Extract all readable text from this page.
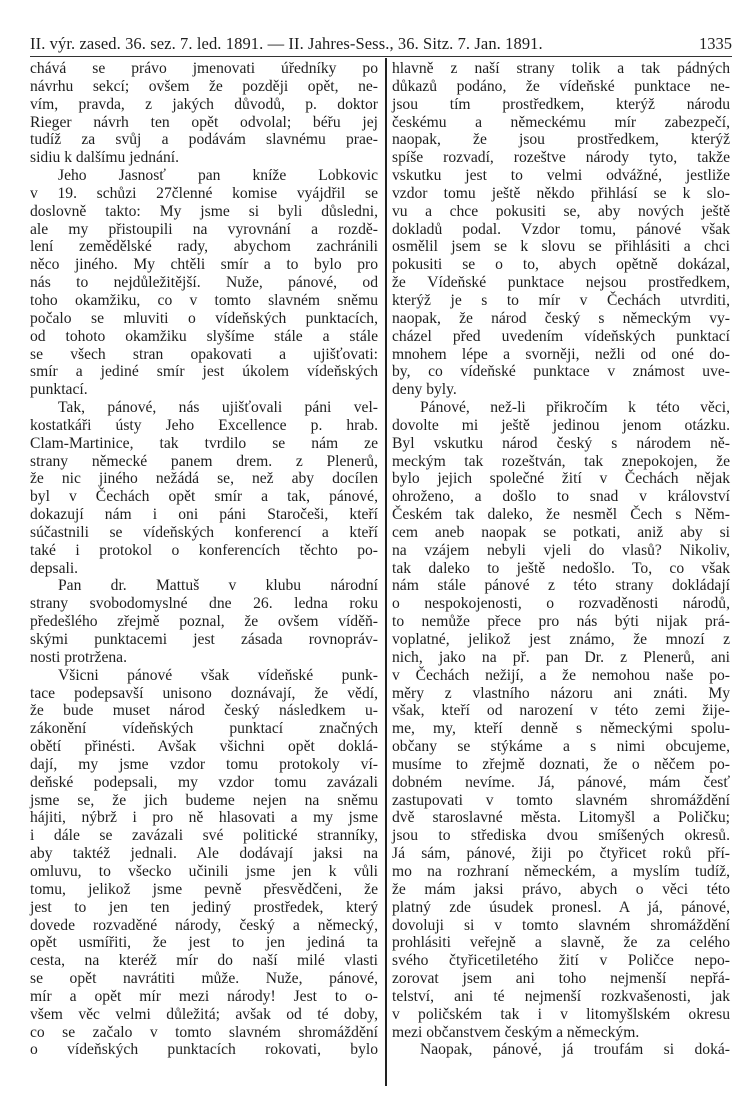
II. výr. zased. 36. sez. 7. led. 1891. — II. Jahres-Sess., 36. Sitz. 7. Jan. 1891.	1335
chává se právo jmenovati úředníky po
návrhu sekcí; ovšem že později opět, ne-
vím, pravda, z jakých důvodů, p. doktor
Rieger návrh ten opět odvolal; béřu jej
tudíž za svůj a podávám slavnému prae-
sidiu k dalšímu jednání.
Jeho Jasnosť pan kníže Lobkovic
v 19. schůzi 27členné komise vyájdřil se
doslovně takto: My jsme si byli důsledni,
ale my přistoupili na vyrovnání a rozdě-
lení zemědělské rady, abychom zachránili
něco jiného. My chtěli smír a to bylo pro
nás to nejdůležitější. Nuže, pánové, od
toho okamžiku, co v tomto slavném sněmu
počalo se mluviti o vídeňských punktacích,
od tohoto okamžiku slyšíme stále a stále
se všech stran opakovati a ujišťovati:
smír a jediné smír jest úkolem vídeňských
punktací.
Tak, pánové, nás ujišťovali páni vel-
kostatkáři ústy Jeho Excellence p. hrab.
Clam-Martinice, tak tvrdilo se nám ze
strany německé panem drem. z Plenerů,
že nic jiného nežádá se, než aby docílen
byl v Čechách opět smír a tak, pánové,
dokazují nám i oni páni Staročeši, kteří
súčastnili se vídeňských konferencí a kteří
také i protokol o konferencích těchto po-
depsali.
Pan dr. Mattuš v klubu národní
strany svobodomyslné dne 26. ledna roku
předešlého zřejmě poznal, že ovšem víděň-
skými punktacemi jest zásada rovnopráv-
nosti protržena.
Všicni pánové však vídeňské punk-
tace podepsavší unisono doznávají, že vědí,
že bude muset národ český následkem u-
zákonění vídeňských punktací značných
obětí přinésti. Avšak všichni opět doklá-
dají, my jsme vzdor tomu protokoly ví-
deňské podepsali, my vzdor tomu zavázali
jsme se, že jich budeme nejen na sněmu
hájiti, nýbrž i pro ně hlasovati a my jsme
i dále se zavázali své politické stranníky,
aby taktéž jednali. Ale dodávají jaksi na
omluvu, to všecko učinili jsme jen k vůli
tomu, jelikož jsme pevně přesvědčeni, že
jest to jen ten jediný prostředek, který
dovede rozvaděné národy, český a německý,
opět usmířiti, že jest to jen jediná ta
cesta, na kteréž mír do naší milé vlasti
se opět navrátiti může. Nuže, pánové,
mír a opět mír mezi národy! Jest to o-
všem věc velmi důležitá; avšak od té doby,
co se začalo v tomto slavném shromáždění
o vídeňských punktacích rokovati, bylo
hlavně z naší strany tolik a tak pádných
důkazů podáno, že vídeňské punktace ne-
jsou tím prostředkem, kterýž národu
českému a německému mír zabezpečí,
naopak, že jsou prostředkem, kterýž
spíše rozvadí, rozeštve národy tyto, takže
vskutku jest to velmi odvážné, jestliže
vzdor tomu ještě někdo přihlásí se k slo-
vu a chce pokusiti se, aby nových ještě
dokladů podal. Vzdor tomu, pánové však
osmělil jsem se k slovu se přihlásiti a chci
pokusiti se o to, abych opětně dokázal,
že Vídeňské punktace nejsou prostředkem,
kterýž je s to mír v Čechách utvrditi,
naopak, že národ český s německým vy-
cházel před uvedením vídeňských punktací
mnohem lépe a svorněji, nežli od oné do-
by, co vídeňské punktace v známost uve-
deny byly.
Pánové, než-li přikročím k této věci,
dovolte mi ještě jedinou jenom otázku.
Byl vskutku národ český s národem ně-
meckým tak rozeštván, tak znepokojen, že
bylo jejich společné žití v Čechách nějak
ohroženo, a došlo to snad v království
Českém tak daleko, že nesměl Čech s Něm-
cem aneb naopak se potkati, aniž aby si
na vzájem nebyli vjeli do vlasů? Nikoliv,
tak daleko to ještě nedošlo. To, co však
nám stále pánové z této strany dokládají
o nespokojenosti, o rozvaděnosti národů,
to nemůže přece pro nás býti nijak prá-
voplatné, jelikož jest známo, že mnozí z
nich, jako na př. pan Dr. z Plenerů, ani
v Čechách nežijí, a že nemohou naše po-
měry z vlastního názoru ani znáti. My
však, kteří od narození v této zemi žije-
me, my, kteří denně s německými spolu-
občany se stýkáme a s nimi obcujeme,
musíme to zřejmě doznati, že o něčem po-
dobném nevíme. Já, pánové, mám česť
zastupovati v tomto slavném shromáždění
dvě staroslavné města. Litomyšl a Poličku;
jsou to střediska dvou smíšených okresů.
Já sám, pánové, žiji po čtyřicet roků pří-
mo na rozhraní německém, a myslím tudíž,
že mám jaksi právo, abych o věci této
platný zde úsudek pronesl. A já, pánové,
dovoluji si v tomto slavném shromáždění
prohlásiti veřejně a slavně, že za celého
svého čtyřicetiletého žití v Poličce nepo-
zorovat jsem ani toho nejmenší nepřá-
telství, ani té nejmenší rozkvašenosti, jak
v poličském tak i v litomyšlském okresu
mezi občanstvem českým a německým.
Naopak, pánové, já troufám si doká-
